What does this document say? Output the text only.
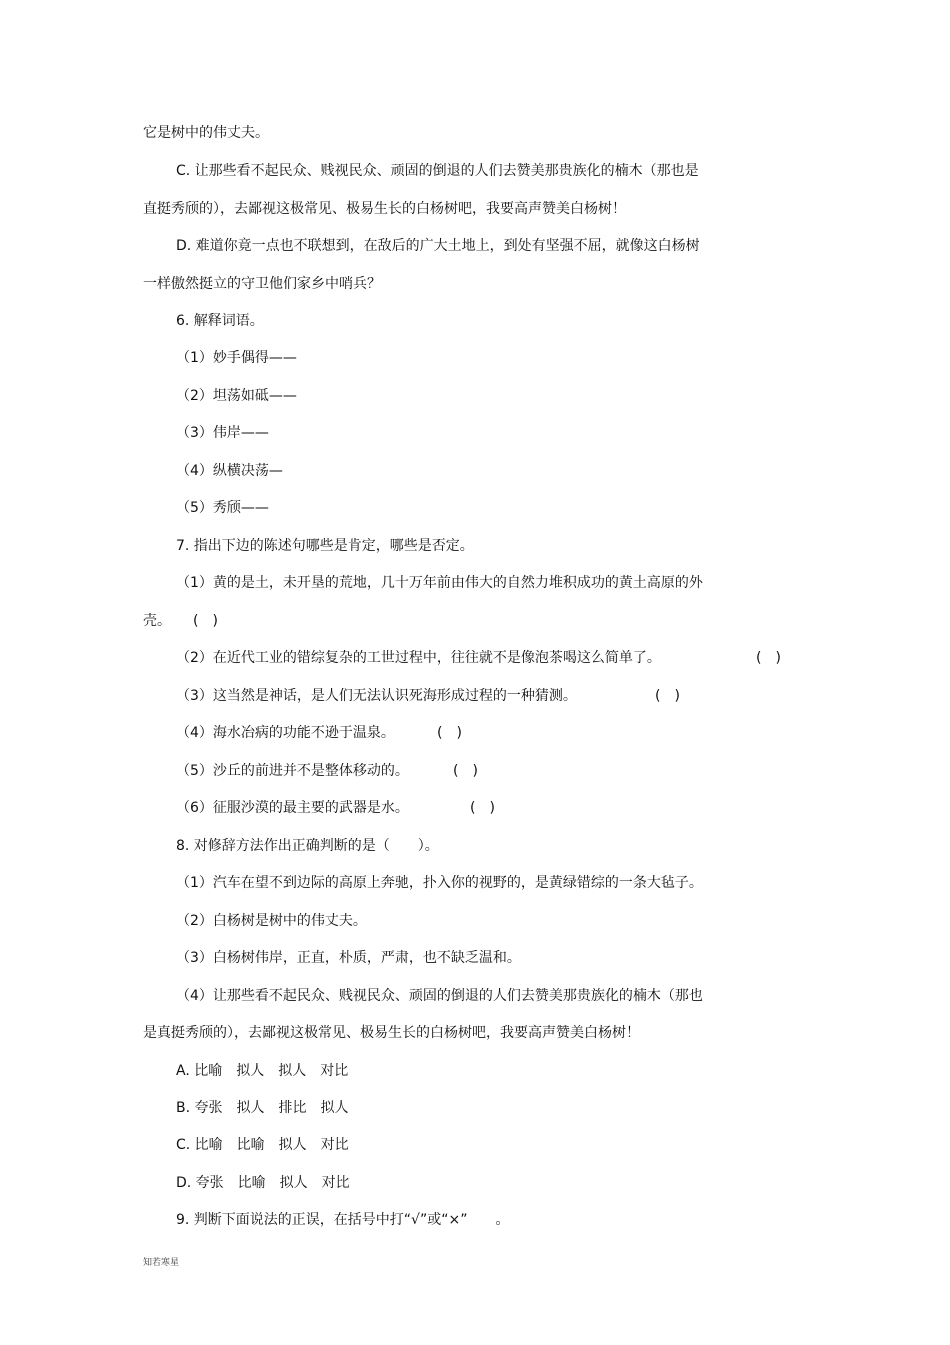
它是树中的伟丈夫。
C. 让那些看不起民众、贱视民众、顽固的倒退的人们去赞美那贵族化的楠木（那也是
直挺秀颀的），去鄙视这极常见、极易生长的白杨树吧，我要高声赞美白杨树！
D. 难道你竟一点也不联想到，在敌后的广大土地上，到处有坚强不屈，就像这白杨树
一样傲然挺立的守卫他们家乡中哨兵？
6. 解释词语。
（1）妙手偶得——
（2）坦荡如砥——
（3）伟岸——
（4）纵横决荡—
（5）秀颀——
7. 指出下边的陈述句哪些是肯定，哪些是否定。
（1）黄的是土，未开垦的荒地，几十万年前由伟大的自然力堆积成功的黄土高原的外
壳。 (　)
（2）在近代工业的错综复杂的工世过程中，往往就不是像泡茶喝这么简单了。	(　)
（3）这当然是神话，是人们无法认识死海形成过程的一种猜测。	(　)
（4）海水冶病的功能不逊于温泉。	(　)
（5）沙丘的前进并不是整体移动的。	(　)
（6）征服沙漠的最主要的武器是水。	(　)
8. 对修辞方法作出正确判断的是（　　）。
（1）汽车在望不到边际的高原上奔驰，扑入你的视野的，是黄绿错综的一条大毡子。
（2）白杨树是树中的伟丈夫。
（3）白杨树伟岸，正直，朴质，严肃，也不缺乏温和。
（4）让那些看不起民众、贱视民众、顽固的倒退的人们去赞美那贵族化的楠木（那也
是真挺秀颀的），去鄙视这极常见、极易生长的白杨树吧，我要高声赞美白杨树！
A. 比喻　拟人　拟人　对比
B. 夸张　拟人　排比　拟人
C. 比喻　比喻　拟人　对比
D. 夸张　比喻　拟人　对比
9. 判断下面说法的正误，在括号中打“√”或“×”　　。
知若寒星
